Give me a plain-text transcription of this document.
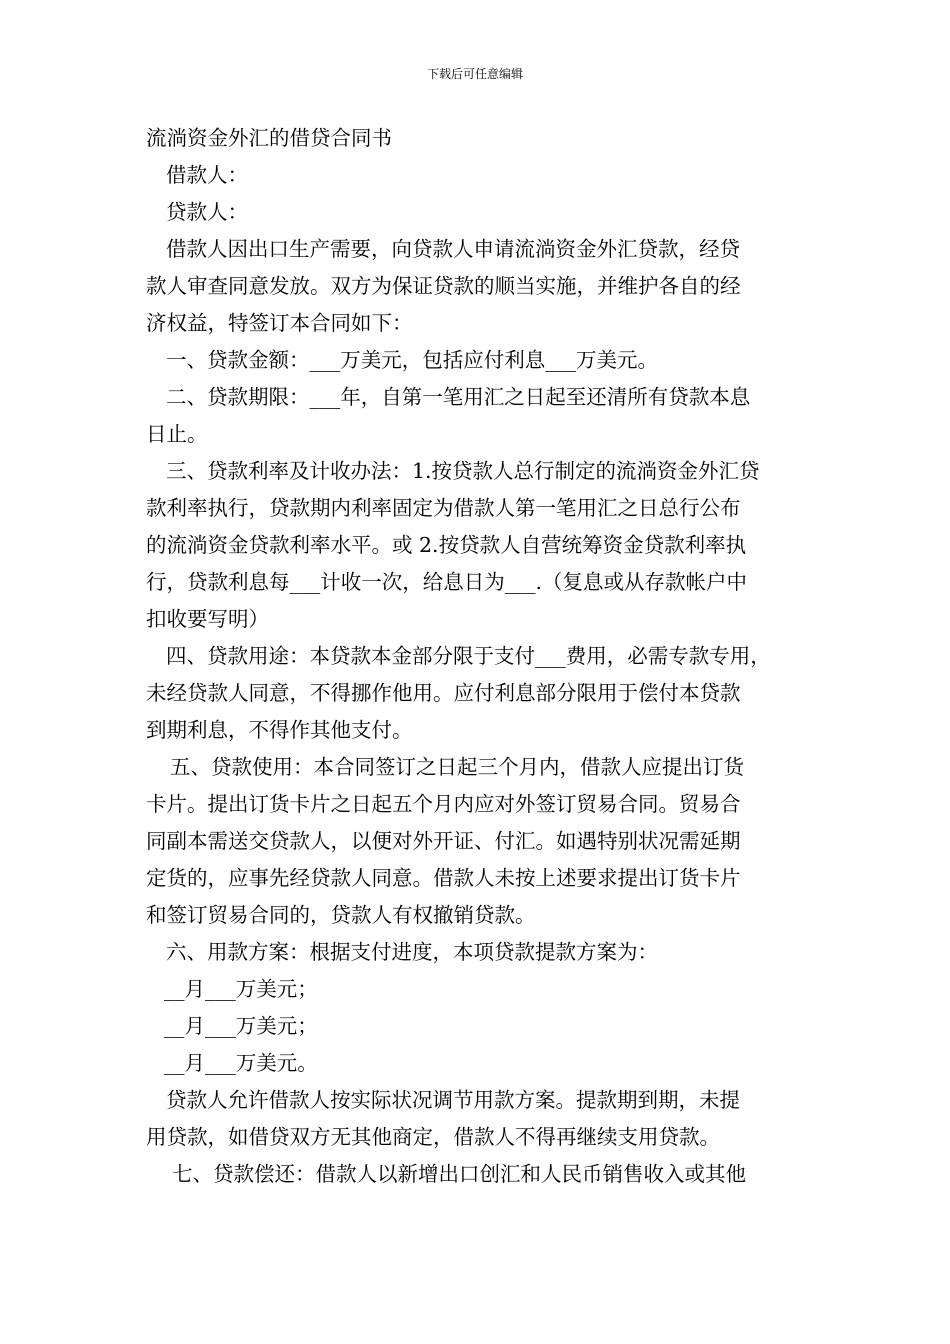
下载后可任意编辑
流淌资金外汇的借贷合同书
借款人：
贷款人：
借款人因出口生产需要，向贷款人申请流淌资金外汇贷款，经贷
款人审查同意发放。双方为保证贷款的顺当实施，并维护各自的经
济权益，特签订本合同如下：
一、贷款金额：___万美元，包括应付利息___万美元。
二、贷款期限：___年，自第一笔用汇之日起至还清所有贷款本息
日止。
三、贷款利率及计收办法：1.按贷款人总行制定的流淌资金外汇贷
款利率执行，贷款期内利率固定为借款人第一笔用汇之日总行公布
的流淌资金贷款利率水平。或 2.按贷款人自营统筹资金贷款利率执
行，贷款利息每___计收一次，给息日为___.（复息或从存款帐户中
扣收要写明）
四、贷款用途：本贷款本金部分限于支付___费用，必需专款专用，
未经贷款人同意，不得挪作他用。应付利息部分限用于偿付本贷款
到期利息，不得作其他支付。
五、贷款使用：本合同签订之日起三个月内，借款人应提出订货
卡片。提出订货卡片之日起五个月内应对外签订贸易合同。贸易合
同副本需送交贷款人，以便对外开证、付汇。如遇特别状况需延期
定货的，应事先经贷款人同意。借款人未按上述要求提出订货卡片
和签订贸易合同的，贷款人有权撤销贷款。
六、用款方案：根据支付进度，本项贷款提款方案为：
__月___万美元；
__月___万美元；
__月___万美元。
贷款人允许借款人按实际状况调节用款方案。提款期到期，未提
用贷款，如借贷双方无其他商定，借款人不得再继续支用贷款。
七、贷款偿还：借款人以新增出口创汇和人民币销售收入或其他
